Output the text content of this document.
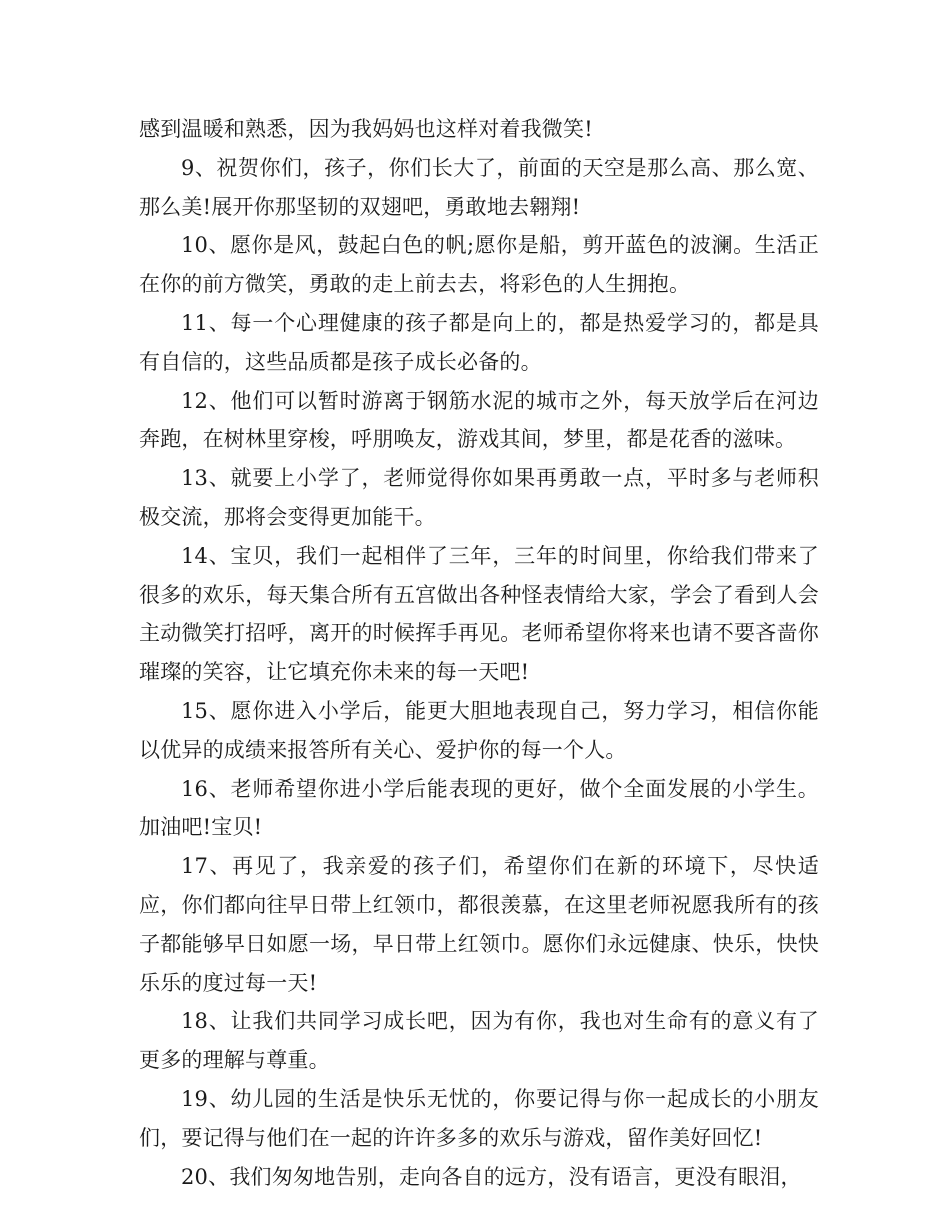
感到温暖和熟悉，因为我妈妈也这样对着我微笑!

9、祝贺你们，孩子，你们长大了，前面的天空是那么高、那么宽、那么美!展开你那坚韧的双翅吧，勇敢地去翱翔!

10、愿你是风，鼓起白色的帆;愿你是船，剪开蓝色的波澜。生活正在你的前方微笑，勇敢的走上前去去，将彩色的人生拥抱。

11、每一个心理健康的孩子都是向上的，都是热爱学习的，都是具有自信的，这些品质都是孩子成长必备的。

12、他们可以暂时游离于钢筋水泥的城市之外，每天放学后在河边奔跑，在树林里穿梭，呼朋唤友，游戏其间，梦里，都是花香的滋味。

13、就要上小学了，老师觉得你如果再勇敢一点，平时多与老师积极交流，那将会变得更加能干。

14、宝贝，我们一起相伴了三年，三年的时间里，你给我们带来了很多的欢乐，每天集合所有五宫做出各种怪表情给大家，学会了看到人会主动微笑打招呼，离开的时候挥手再见。老师希望你将来也请不要吝啬你璀璨的笑容，让它填充你未来的每一天吧!

15、愿你进入小学后，能更大胆地表现自己，努力学习，相信你能以优异的成绩来报答所有关心、爱护你的每一个人。

16、老师希望你进小学后能表现的更好，做个全面发展的小学生。加油吧!宝贝!

17、再见了，我亲爱的孩子们，希望你们在新的环境下，尽快适应，你们都向往早日带上红领巾，都很羡慕，在这里老师祝愿我所有的孩子都能够早日如愿一场，早日带上红领巾。愿你们永远健康、快乐，快快乐乐的度过每一天!

18、让我们共同学习成长吧，因为有你，我也对生命有的意义有了更多的理解与尊重。

19、幼儿园的生活是快乐无忧的，你要记得与你一起成长的小朋友们，要记得与他们在一起的许许多多的欢乐与游戏，留作美好回忆!

20、我们匆匆地告别，走向各自的远方，没有语言，更没有眼泪，
